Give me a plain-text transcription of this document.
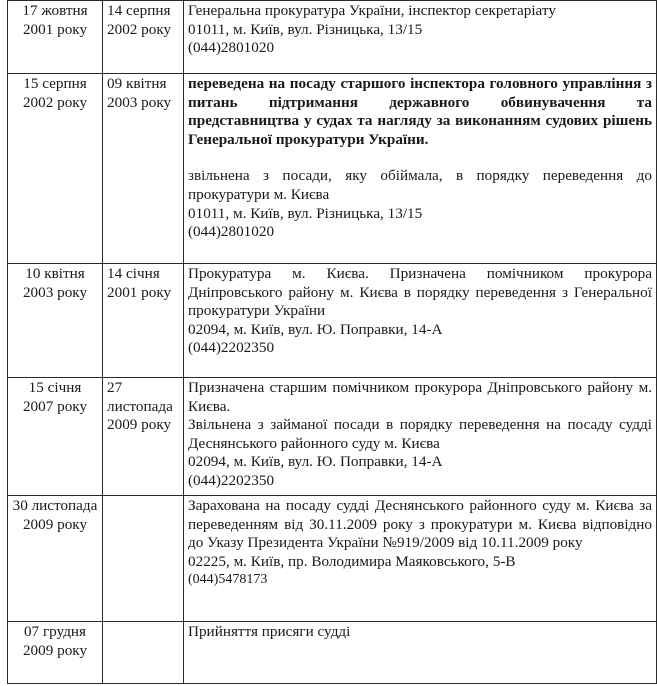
17 жовтня 2001 року	14 серпня 2002 року	Генеральна прокуратура України, інспектор секретаріату
01011, м. Київ, вул. Різницька, 13/15
(044)2801020

15 серпня 2002 року	09 квітня 2003 року	переведена на посаду старшого інспектора головного управління з питань підтримання державного обвинувачення та представництва у судах та нагляду за виконанням судових рішень Генеральної прокуратури України.
звільнена з посади, яку обіймала, в порядку переведення до прокуратури м. Києва
01011, м. Київ, вул. Різницька, 13/15
(044)2801020

10 квітня 2003 року	14 січня 2001 року	Прокуратура м. Києва. Призначена помічником прокурора Дніпровського району м. Києва в порядку переведення з Генеральної прокуратури України
02094, м. Київ, вул. Ю. Поправки, 14-А
(044)2202350

15 січня 2007 року	27 листопада 2009 року	Призначена старшим помічником прокурора Дніпровського району м. Києва.
Звільнена з займаної посади в порядку переведення на посаду судді Деснянського районного суду м. Києва
02094, м. Київ, вул. Ю. Поправки, 14-А
(044)2202350

30 листопада 2009 року		Зарахована на посаду судді Деснянського районного суду м. Києва за переведенням від 30.11.2009 року з прокуратури м. Києва відповідно до Указу Президента України №919/2009 від 10.11.2009 року
02225, м. Київ, пр. Володимира Маяковського, 5-В
(044)5478173

07 грудня 2009 року		Прийняття присяги судді
